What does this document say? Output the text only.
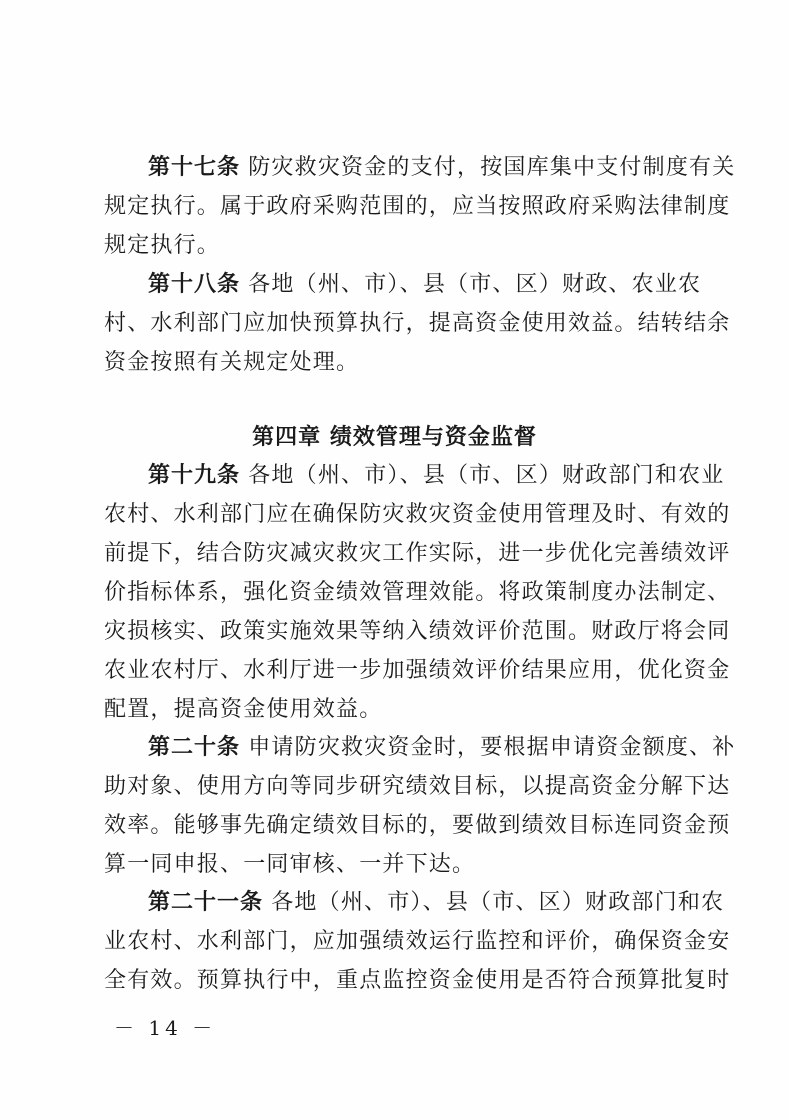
第十七条 防灾救灾资金的支付，按国库集中支付制度有关
规定执行。属于政府采购范围的，应当按照政府采购法律制度
规定执行。
第十八条 各地（州、市）、县（市、区）财政、农业农
村、水利部门应加快预算执行，提高资金使用效益。结转结余
资金按照有关规定处理。
第四章 绩效管理与资金监督
第十九条 各地（州、市）、县（市、区）财政部门和农业
农村、水利部门应在确保防灾救灾资金使用管理及时、有效的
前提下，结合防灾减灾救灾工作实际，进一步优化完善绩效评
价指标体系，强化资金绩效管理效能。将政策制度办法制定、
灾损核实、政策实施效果等纳入绩效评价范围。财政厅将会同
农业农村厅、水利厅进一步加强绩效评价结果应用，优化资金
配置，提高资金使用效益。
第二十条 申请防灾救灾资金时，要根据申请资金额度、补
助对象、使用方向等同步研究绩效目标，以提高资金分解下达
效率。能够事先确定绩效目标的，要做到绩效目标连同资金预
算一同申报、一同审核、一并下达。
第二十一条 各地（州、市）、县（市、区）财政部门和农
业农村、水利部门，应加强绩效运行监控和评价，确保资金安
全有效。预算执行中，重点监控资金使用是否符合预算批复时
－ 14 －
